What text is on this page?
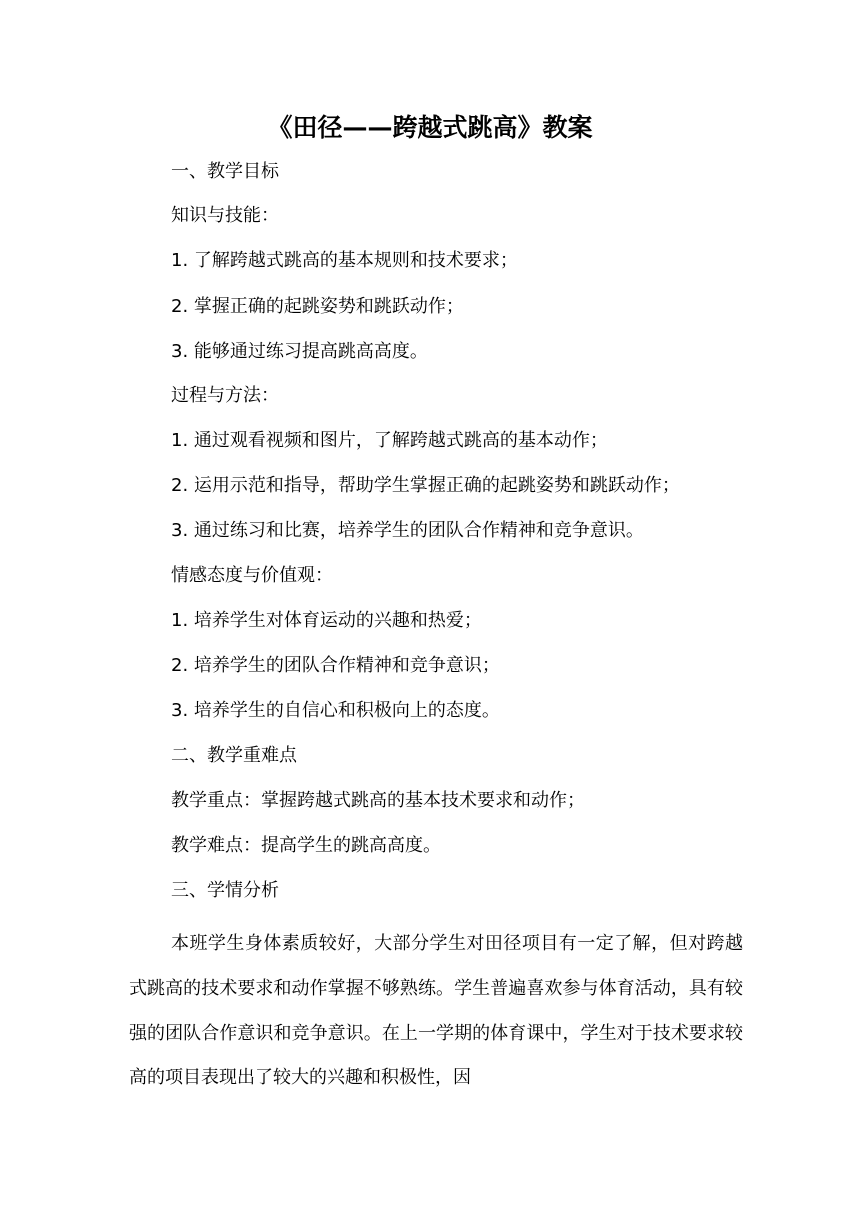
《田径——跨越式跳高》教案
一、教学目标
知识与技能：
1. 了解跨越式跳高的基本规则和技术要求；
2. 掌握正确的起跳姿势和跳跃动作；
3. 能够通过练习提高跳高高度。
过程与方法：
1. 通过观看视频和图片，了解跨越式跳高的基本动作；
2. 运用示范和指导，帮助学生掌握正确的起跳姿势和跳跃动作；
3. 通过练习和比赛，培养学生的团队合作精神和竞争意识。
情感态度与价值观：
1. 培养学生对体育运动的兴趣和热爱；
2. 培养学生的团队合作精神和竞争意识；
3. 培养学生的自信心和积极向上的态度。
二、教学重难点
教学重点：掌握跨越式跳高的基本技术要求和动作；
教学难点：提高学生的跳高高度。
三、学情分析

本班学生身体素质较好，大部分学生对田径项目有一定了解，但对跨越式跳高的技术要求和动作掌握不够熟练。学生普遍喜欢参与体育活动，具有较强的团队合作意识和竞争意识。在上一学期的体育课中，学生对于技术要求较高的项目表现出了较大的兴趣和积极性，因
